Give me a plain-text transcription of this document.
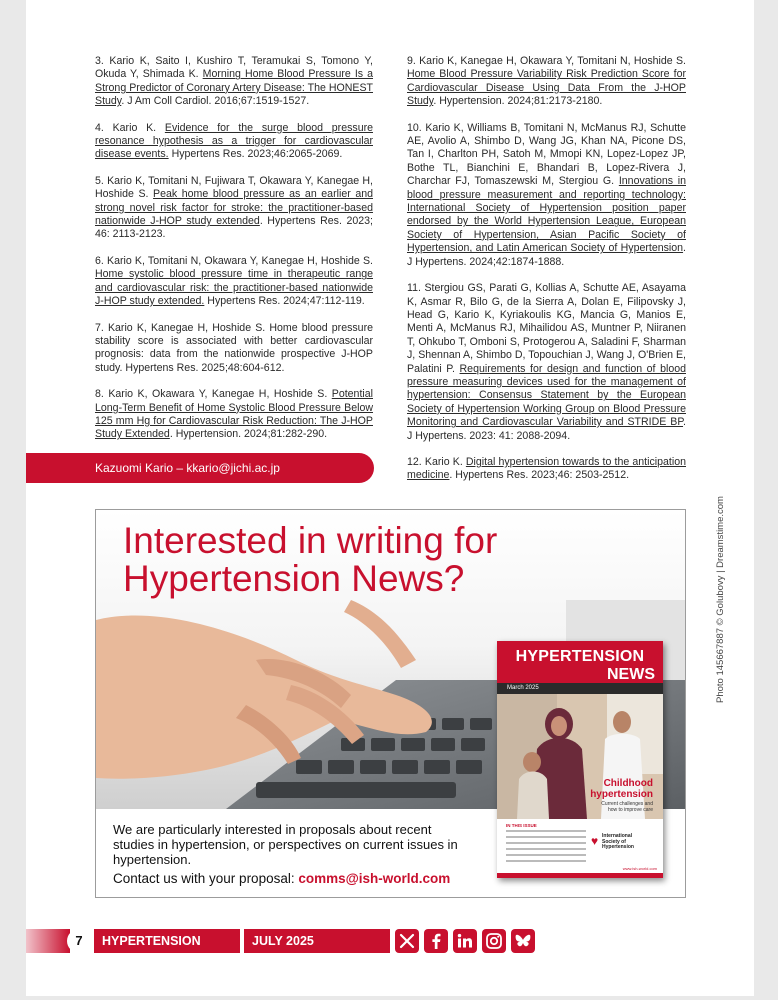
3. Kario K, Saito I, Kushiro T, Teramukai S, Tomono Y, Okuda Y, Shimada K. Morning Home Blood Pressure Is a Strong Predictor of Coronary Artery Disease: The HONEST Study. J Am Coll Cardiol. 2016;67:1519-1527.

4. Kario K. Evidence for the surge blood pressure resonance hypothesis as a trigger for cardiovascular disease events. Hypertens Res. 2023;46:2065-2069.

5. Kario K, Tomitani N, Fujiwara T, Okawara Y, Kanegae H, Hoshide S. Peak home blood pressure as an earlier and strong novel risk factor for stroke: the practitioner-based nationwide J-HOP study extended. Hypertens Res. 2023; 46: 2113-2123.

6. Kario K, Tomitani N, Okawara Y, Kanegae H, Hoshide S. Home systolic blood pressure time in therapeutic range and cardiovascular risk: the practitioner-based nationwide J-HOP study extended. Hypertens Res. 2024;47:112-119.

7. Kario K, Kanegae H, Hoshide S. Home blood pressure stability score is associated with better cardiovascular prognosis: data from the nationwide prospective J-HOP study. Hypertens Res. 2025;48:604-612.

8. Kario K, Okawara Y, Kanegae H, Hoshide S. Potential Long-Term Benefit of Home Systolic Blood Pressure Below 125 mm Hg for Cardiovascular Risk Reduction: The J-HOP Study Extended. Hypertension. 2024;81:282-290.

9. Kario K, Kanegae H, Okawara Y, Tomitani N, Hoshide S. Home Blood Pressure Variability Risk Prediction Score for Cardiovascular Disease Using Data From the J-HOP Study. Hypertension. 2024;81:2173-2180.

10. Kario K, Williams B, Tomitani N, McManus RJ, Schutte AE, Avolio A, Shimbo D, Wang JG, Khan NA, Picone DS, Tan I, Charlton PH, Satoh M, Mmopi KN, Lopez-Lopez JP, Bothe TL, Bianchini E, Bhandari B, Lopez-Rivera J, Charchar FJ, Tomaszewski M, Stergiou G. Innovations in blood pressure measurement and reporting technology: International Society of Hypertension position paper endorsed by the World Hypertension League, European Society of Hypertension, Asian Pacific Society of Hypertension, and Latin American Society of Hypertension. J Hypertens. 2024;42:1874-1888.

11. Stergiou GS, Parati G, Kollias A, Schutte AE, Asayama K, Asmar R, Bilo G, de la Sierra A, Dolan E, Filipovsky J, Head G, Kario K, Kyriakoulis KG, Mancia G, Manios E, Menti A, McManus RJ, Mihailidou AS, Muntner P, Niiranen T, Ohkubo T, Omboni S, Protogerou A, Saladini F, Sharman J, Shennan A, Shimbo D, Topouchian J, Wang J, O'Brien E, Palatini P. Requirements for design and function of blood pressure measuring devices used for the management of hypertension: Consensus Statement by the European Society of Hypertension Working Group on Blood Pressure Monitoring and Cardiovascular Variability and STRIDE BP. J Hypertens. 2023: 41: 2088-2094.

12. Kario K. Digital hypertension towards to the anticipation medicine. Hypertens Res. 2023;46: 2503-2512.

Kazuomi Kario – kkario@jichi.ac.jp
Interested in writing for Hypertension News?
HYPERTENSION
NEWS
March 2025
Childhood
hypertension
Current challenges and
how to improve care
IN THIS ISSUE
♥ International
Society of
Hypertension
www.ish-world.com
We are particularly interested in proposals about recent studies in hypertension, or perspectives on current issues in hypertension.
Contact us with your proposal: comms@ish-world.com
Photo 145667887 © Golubovy | Dreamstime.com
7	HYPERTENSION NEWS
JULY 2025
